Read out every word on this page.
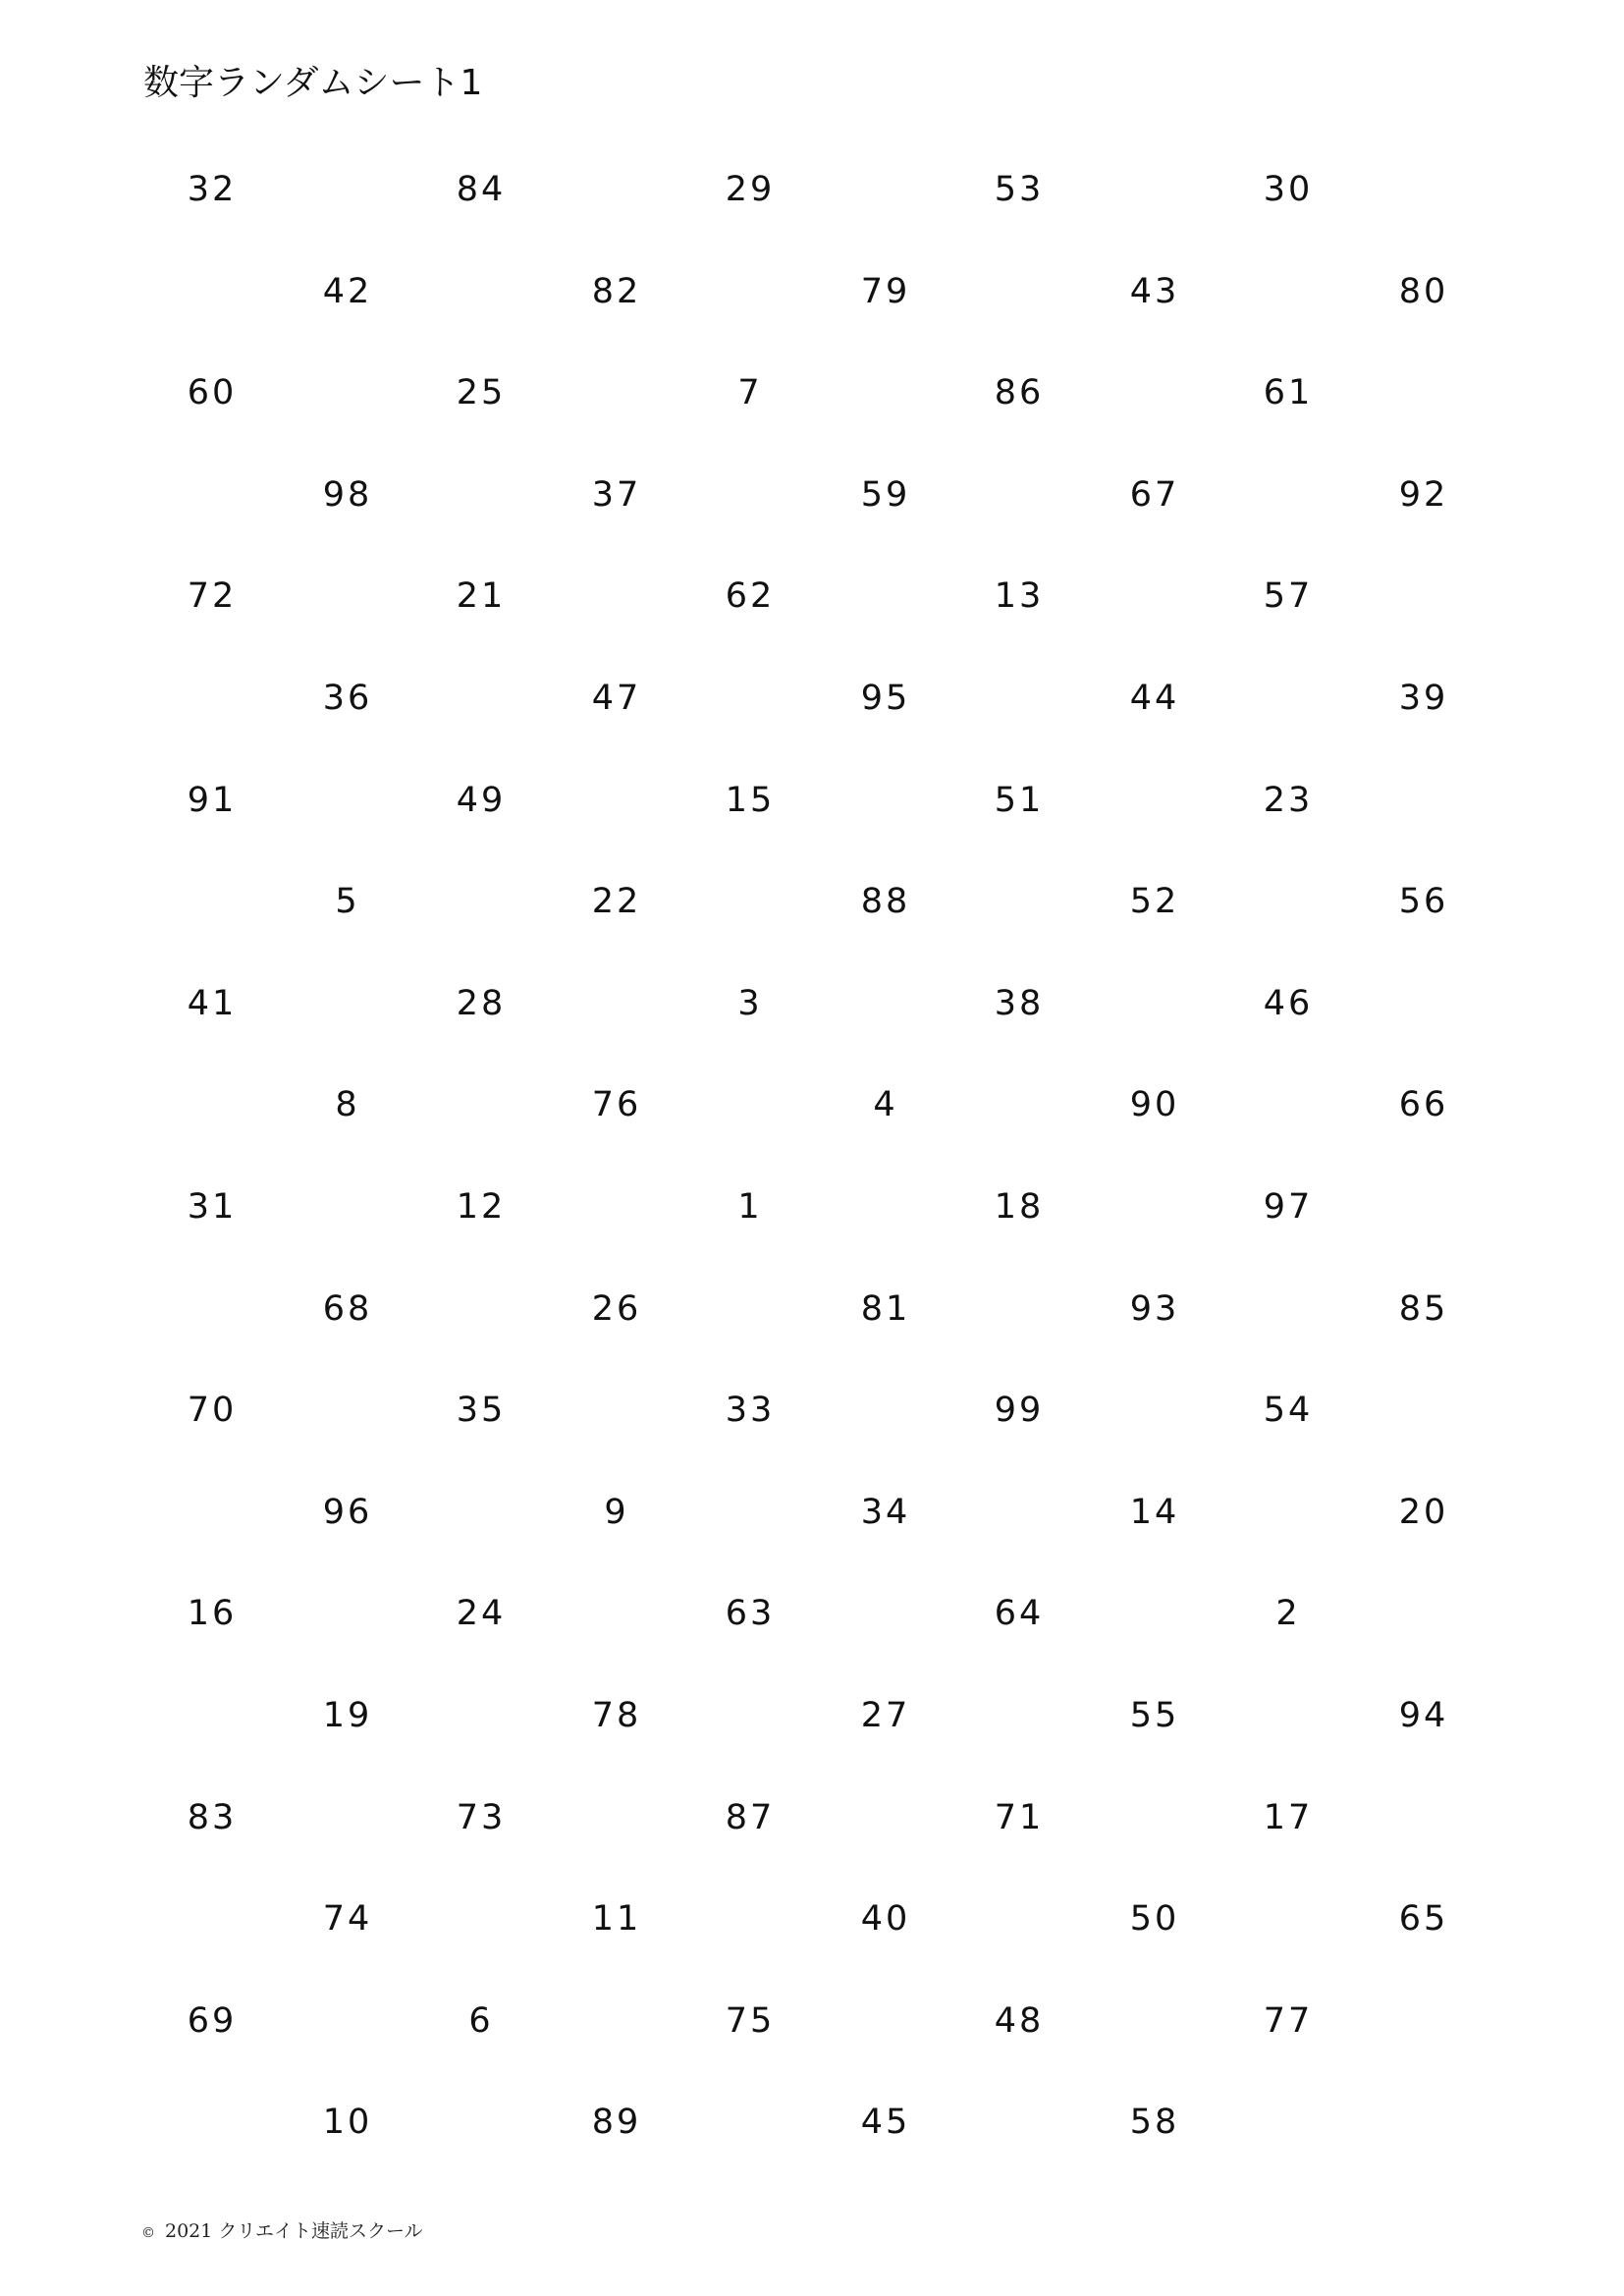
数字ランダムシート1
32	84	29	53	30
42	82	79	43	80
60	25	7	86	61
98	37	59	67	92
72	21	62	13	57
36	47	95	44	39
91	49	15	51	23
5	22	88	52	56
41	28	3	38	46
8	76	4	90	66
31	12	1	18	97
68	26	81	93	85
70	35	33	99	54
96	9	34	14	20
16	24	63	64	2
19	78	27	55	94
83	73	87	71	17
74	11	40	50	65
69	6	75	48	77
10	89	45	58
© 2021 クリエイト速読スクール
